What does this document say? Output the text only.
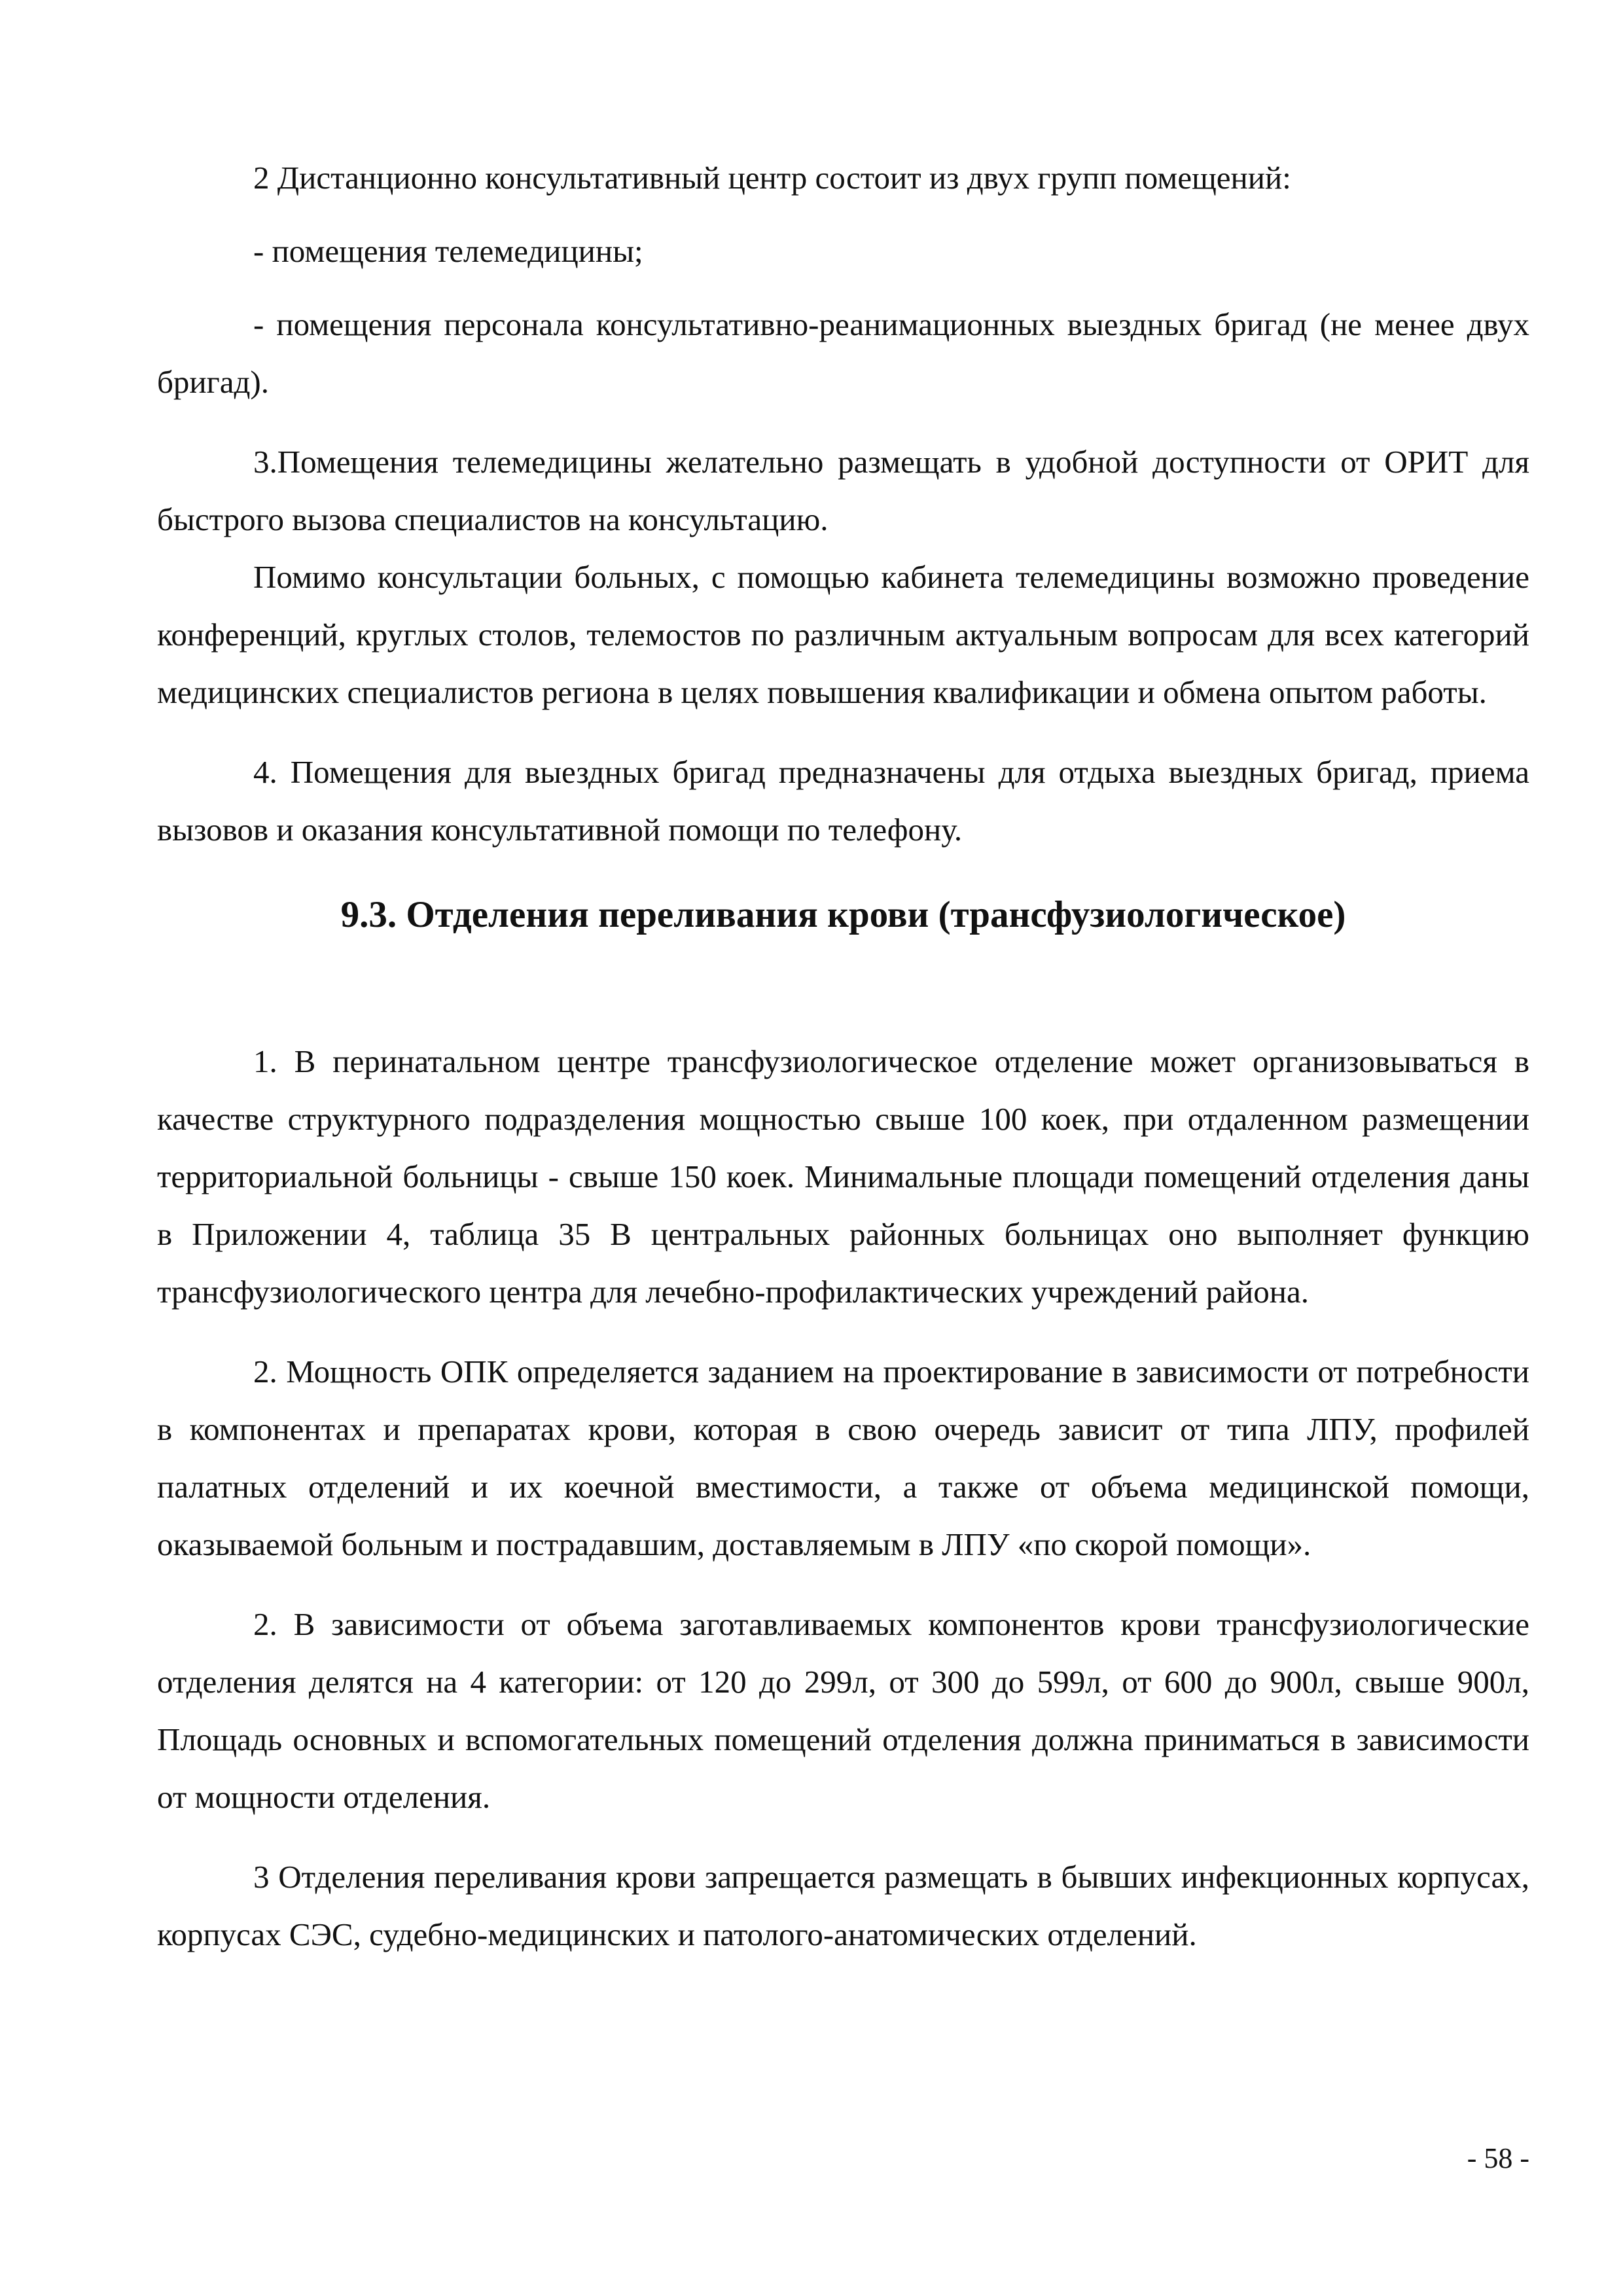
2 Дистанционно консультативный центр состоит из двух групп помещений:

- помещения телемедицины;

- помещения персонала консультативно-реанимационных выездных бригад (не менее двух бригад).

3.Помещения телемедицины желательно размещать в удобной доступности от ОРИТ для быстрого вызова специалистов на консультацию.

Помимо консультации больных, с помощью кабинета телемедицины возможно проведение конференций, круглых столов, телемостов по различным актуальным вопросам для всех категорий медицинских специалистов региона в целях повышения квалификации и обмена опытом работы.

4. Помещения для выездных бригад предназначены для отдыха выездных бригад, приема вызовов и оказания консультативной помощи по телефону.

9.3. Отделения переливания крови (трансфузиологическое)

1. В перинатальном центре трансфузиологическое отделение может организовываться в качестве структурного подразделения мощностью свыше 100 коек, при отдаленном размещении территориальной больницы - свыше 150 коек. Минимальные площади помещений отделения даны в Приложении 4, таблица 35 В центральных районных больницах оно выполняет функцию трансфузиологического центра для лечебно-профилактических учреждений района.

2. Мощность ОПК определяется заданием на проектирование в зависимости от потребности в компонентах и препаратах крови, которая в свою очередь зависит от типа ЛПУ, профилей палатных отделений и их коечной вместимости, а также от объема медицинской помощи, оказываемой больным и пострадавшим, доставляемым в ЛПУ «по скорой помощи».

2. В зависимости от объема заготавливаемых компонентов крови трансфузиологические отделения делятся на 4 категории: от 120 до 299л, от 300 до 599л, от 600 до 900л, свыше 900л, Площадь основных и вспомогательных помещений отделения должна приниматься в зависимости от мощности отделения.

3 Отделения переливания крови запрещается размещать в бывших инфекционных корпусах, корпусах СЭС, судебно-медицинских и патолого-анатомических отделений.

- 58 -
